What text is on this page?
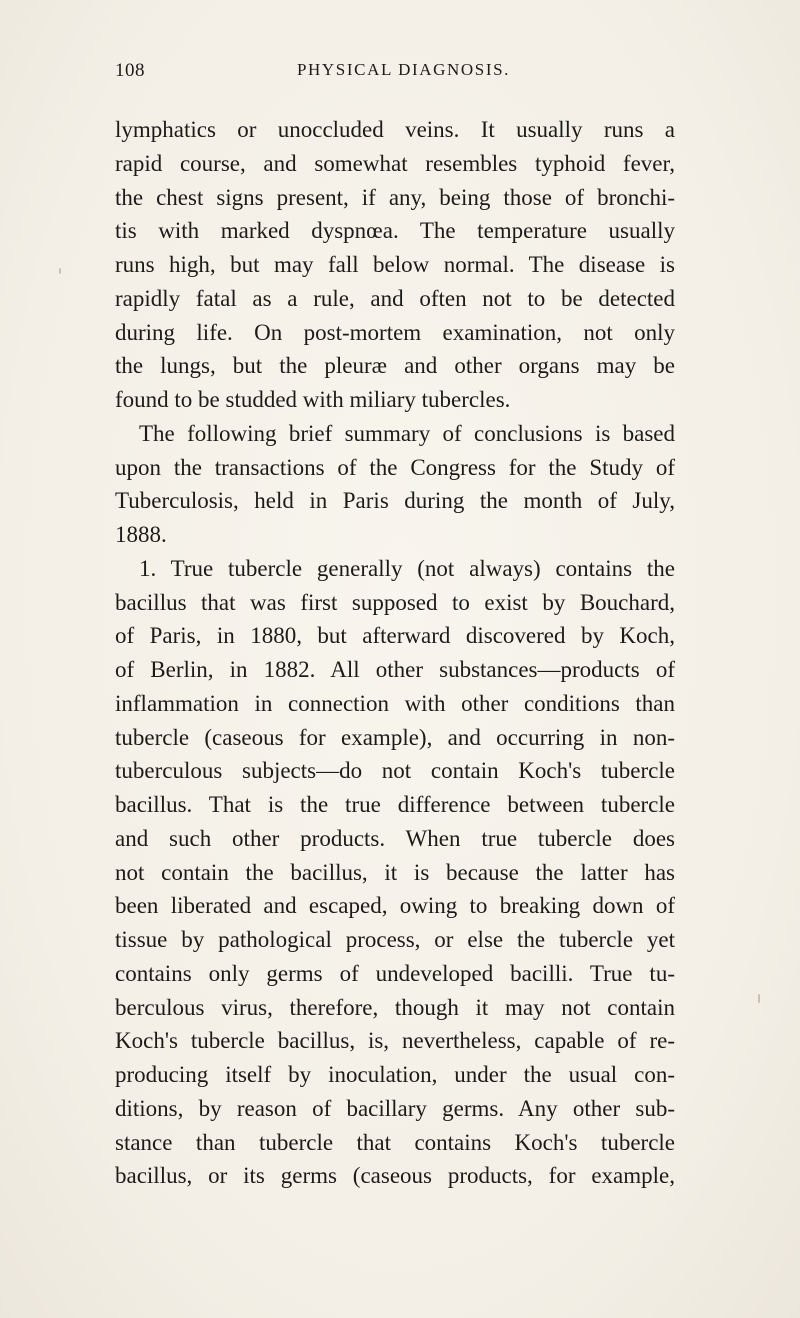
108	PHYSICAL DIAGNOSIS.
lymphatics or unoccluded veins. It usually runs a
rapid course, and somewhat resembles typhoid fever,
the chest signs present, if any, being those of bronchi-
tis with marked dyspnœa. The temperature usually
runs high, but may fall below normal. The disease is
rapidly fatal as a rule, and often not to be detected
during life. On post-mortem examination, not only
the lungs, but the pleuræ and other organs may be
found to be studded with miliary tubercles.
The following brief summary of conclusions is based
upon the transactions of the Congress for the Study of
Tuberculosis, held in Paris during the month of July,
1888.
1. True tubercle generally (not always) contains the
bacillus that was first supposed to exist by Bouchard,
of Paris, in 1880, but afterward discovered by Koch,
of Berlin, in 1882. All other substances—products of
inflammation in connection with other conditions than
tubercle (caseous for example), and occurring in non-
tuberculous subjects—do not contain Koch's tubercle
bacillus. That is the true difference between tubercle
and such other products. When true tubercle does
not contain the bacillus, it is because the latter has
been liberated and escaped, owing to breaking down of
tissue by pathological process, or else the tubercle yet
contains only germs of undeveloped bacilli. True tu-
berculous virus, therefore, though it may not contain
Koch's tubercle bacillus, is, nevertheless, capable of re-
producing itself by inoculation, under the usual con-
ditions, by reason of bacillary germs. Any other sub-
stance than tubercle that contains Koch's tubercle
bacillus, or its germs (caseous products, for example,
